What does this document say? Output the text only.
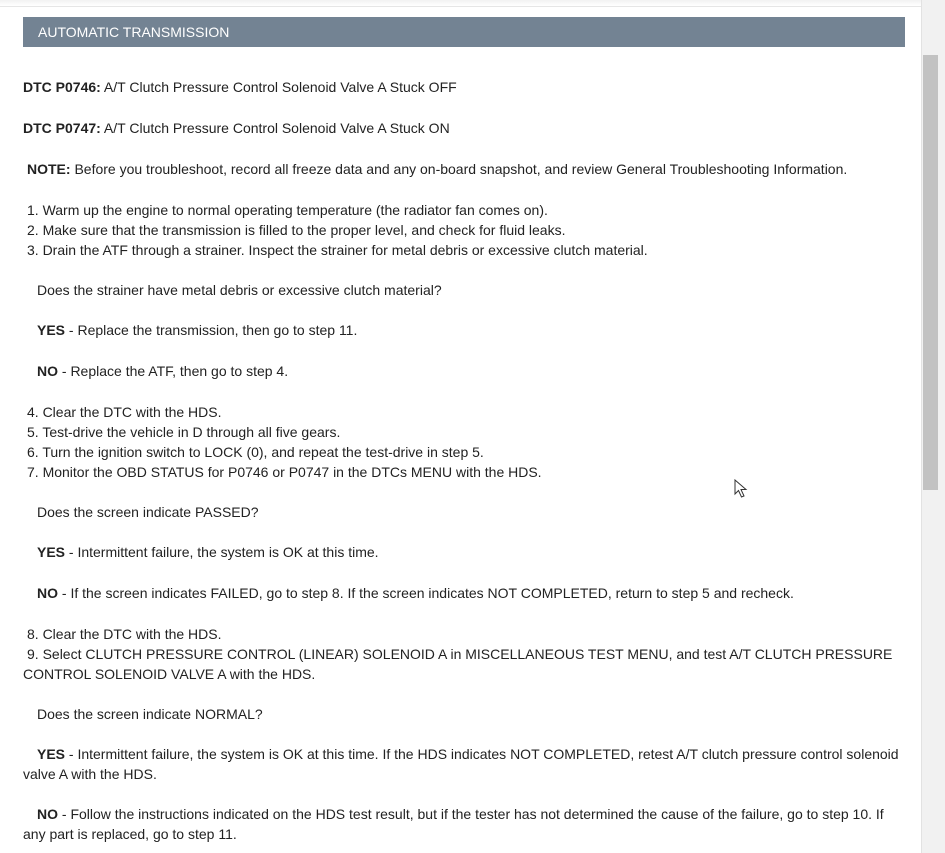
AUTOMATIC TRANSMISSION

DTC P0746: A/T Clutch Pressure Control Solenoid Valve A Stuck OFF

DTC P0747: A/T Clutch Pressure Control Solenoid Valve A Stuck ON

NOTE: Before you troubleshoot, record all freeze data and any on-board snapshot, and review General Troubleshooting Information.

1. Warm up the engine to normal operating temperature (the radiator fan comes on).

2. Make sure that the transmission is filled to the proper level, and check for fluid leaks.

3. Drain the ATF through a strainer. Inspect the strainer for metal debris or excessive clutch material.

Does the strainer have metal debris or excessive clutch material?

YES - Replace the transmission, then go to step 11.

NO - Replace the ATF, then go to step 4.

4. Clear the DTC with the HDS.

5. Test-drive the vehicle in D through all five gears.

6. Turn the ignition switch to LOCK (0), and repeat the test-drive in step 5.

7. Monitor the OBD STATUS for P0746 or P0747 in the DTCs MENU with the HDS.

Does the screen indicate PASSED?

YES - Intermittent failure, the system is OK at this time.

NO - If the screen indicates FAILED, go to step 8. If the screen indicates NOT COMPLETED, return to step 5 and recheck.

8. Clear the DTC with the HDS.

9. Select CLUTCH PRESSURE CONTROL (LINEAR) SOLENOID A in MISCELLANEOUS TEST MENU, and test A/T CLUTCH PRESSURE CONTROL SOLENOID VALVE A with the HDS.

Does the screen indicate NORMAL?

YES - Intermittent failure, the system is OK at this time. If the HDS indicates NOT COMPLETED, retest A/T clutch pressure control solenoid valve A with the HDS.

NO - Follow the instructions indicated on the HDS test result, but if the tester has not determined the cause of the failure, go to step 10. If any part is replaced, go to step 11.
